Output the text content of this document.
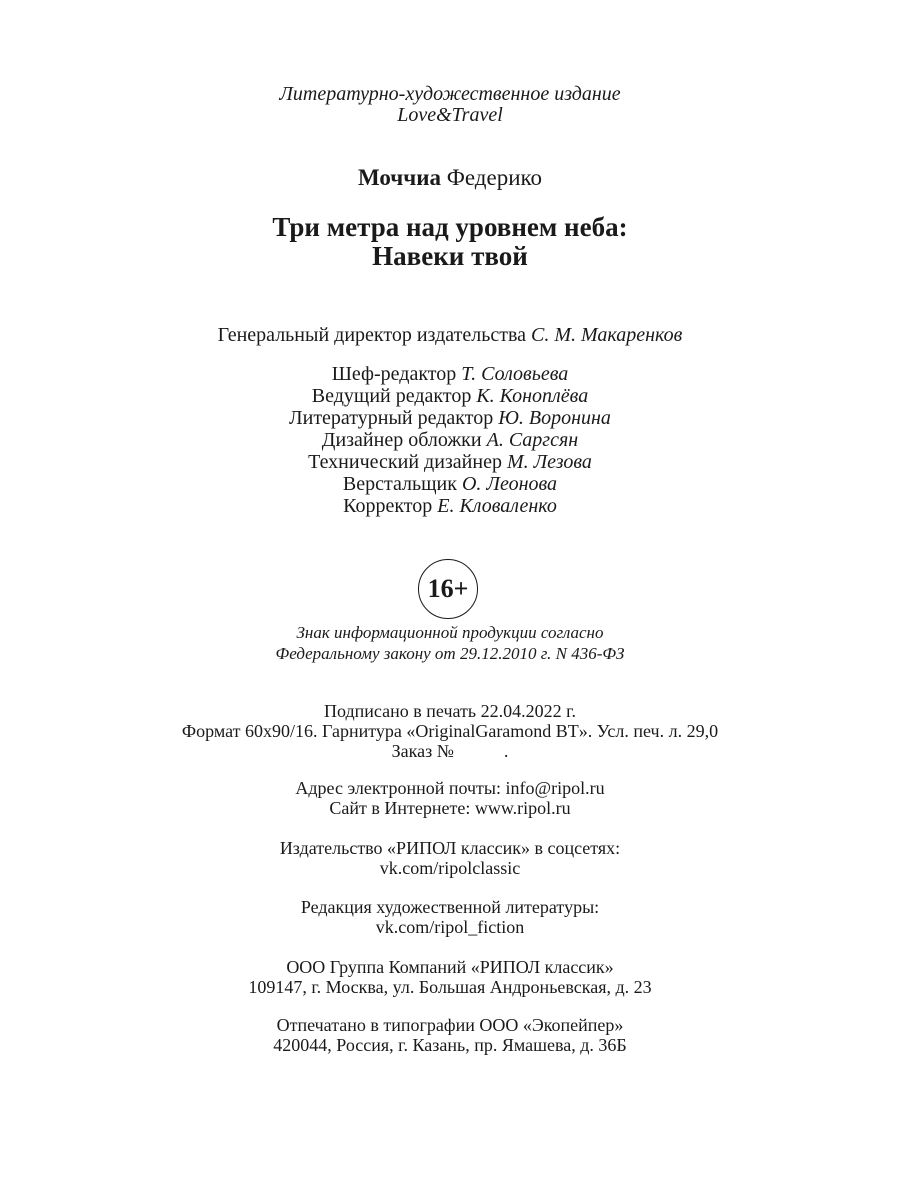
Литературно-художественное издание
Love&Travel
Моччиа Федерико
Три метра над уровнем неба:
Навеки твой
Генеральный директор издательства С. М. Макаренков
Шеф-редактор Т. Соловьева
Ведущий редактор К. Коноплёва
Литературный редактор Ю. Воронина
Дизайнер обложки А. Саргсян
Технический дизайнер М. Лезова
Верстальщик О. Леонова
Корректор Е. Кловаленко
16+
Знак информационной продукции согласно
Федеральному закону от 29.12.2010 г. N 436-ФЗ
Подписано в печать 22.04.2022 г.
Формат 60x90/16. Гарнитура «OriginalGaramond BT». Усл. печ. л. 29,0
Заказ №	.
Адрес электронной почты: info@ripol.ru
Сайт в Интернете: www.ripol.ru
Издательство «РИПОЛ классик» в соцсетях:
vk.com/ripolclassic
Редакция художественной литературы:
vk.com/ripol_fiction
ООО Группа Компаний «РИПОЛ классик»
109147, г. Москва, ул. Большая Андроньевская, д. 23
Отпечатано в типографии ООО «Экопейпер»
420044, Россия, г. Казань, пр. Ямашева, д. 36Б
